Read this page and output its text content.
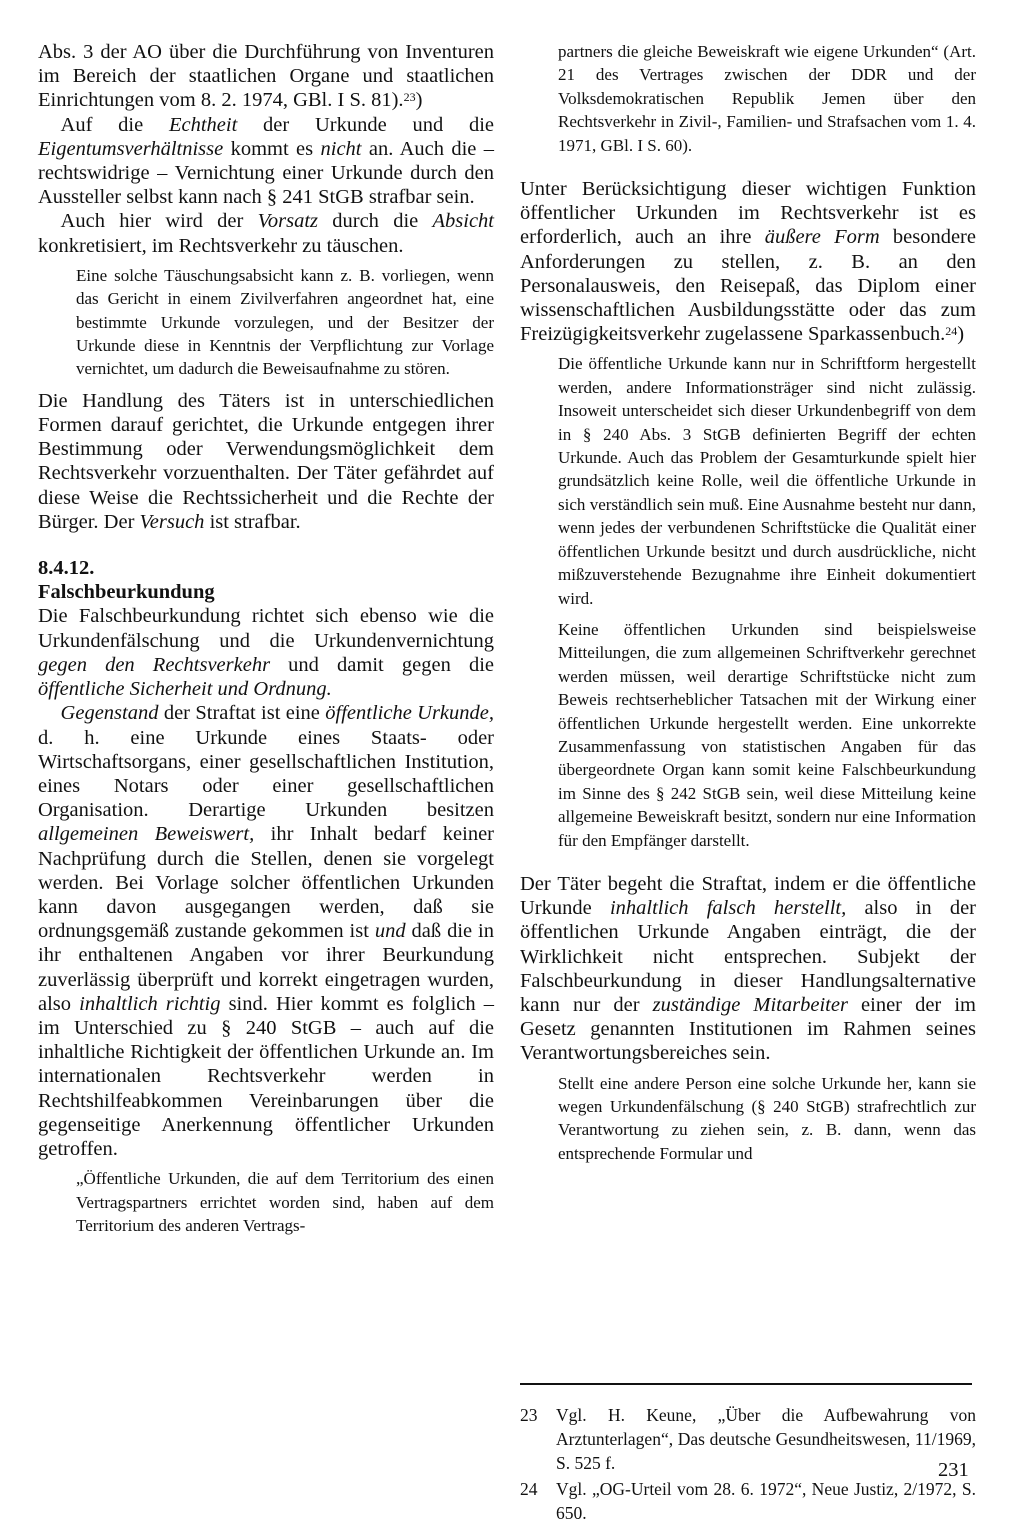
Abs. 3 der AO über die Durchführung von Inventuren im Bereich der staatlichen Organe und staatlichen Einrichtungen vom 8. 2. 1974, GBl. I S. 81).$^{23}$)

Auf die Echtheit der Urkunde und die Eigentumsverhältnisse kommt es nicht an. Auch die – rechtswidrige – Vernichtung einer Urkunde durch den Aussteller selbst kann nach § 241 StGB strafbar sein.

Auch hier wird der Vorsatz durch die Absicht konkretisiert, im Rechtsverkehr zu täuschen.

Eine solche Täuschungsabsicht kann z. B. vorliegen, wenn das Gericht in einem Zivilverfahren angeordnet hat, eine bestimmte Urkunde vorzulegen, und der Besitzer der Urkunde diese in Kenntnis der Verpflichtung zur Vorlage vernichtet, um dadurch die Beweisaufnahme zu stören.

Die Handlung des Täters ist in unterschiedlichen Formen darauf gerichtet, die Urkunde entgegen ihrer Bestimmung oder Verwendungsmöglichkeit dem Rechtsverkehr vorzuenthalten. Der Täter gefährdet auf diese Weise die Rechtssicherheit und die Rechte der Bürger. Der Versuch ist strafbar.

8.4.12.
Falschbeurkundung

Die Falschbeurkundung richtet sich ebenso wie die Urkundenfälschung und die Urkundenvernichtung gegen den Rechtsverkehr und damit gegen die öffentliche Sicherheit und Ordnung.

Gegenstand der Straftat ist eine öffentliche Urkunde, d. h. eine Urkunde eines Staats- oder Wirtschaftsorgans, einer gesellschaftlichen Institution, eines Notars oder einer gesellschaftlichen Organisation. Derartige Urkunden besitzen allgemeinen Beweiswert, ihr Inhalt bedarf keiner Nachprüfung durch die Stellen, denen sie vorgelegt werden. Bei Vorlage solcher öffentlichen Urkunden kann davon ausgegangen werden, daß sie ordnungsgemäß zustande gekommen ist und daß die in ihr enthaltenen Angaben vor ihrer Beurkundung zuverlässig überprüft und korrekt eingetragen wurden, also inhaltlich richtig sind. Hier kommt es folglich – im Unterschied zu § 240 StGB – auch auf die inhaltliche Richtigkeit der öffentlichen Urkunde an. Im internationalen Rechtsverkehr werden in Rechtshilfeabkommen Vereinbarungen über die gegenseitige Anerkennung öffentlicher Urkunden getroffen.

„Öffentliche Urkunden, die auf dem Territorium des einen Vertragspartners errichtet worden sind, haben auf dem Territorium des anderen Vertrags-

partners die gleiche Beweiskraft wie eigene Urkunden“ (Art. 21 des Vertrages zwischen der DDR und der Volksdemokratischen Republik Jemen über den Rechtsverkehr in Zivil-, Familien- und Strafsachen vom 1. 4. 1971, GBl. I S. 60).

Unter Berücksichtigung dieser wichtigen Funktion öffentlicher Urkunden im Rechtsverkehr ist es erforderlich, auch an ihre äußere Form besondere Anforderungen zu stellen, z. B. an den Personalausweis, den Reisepaß, das Diplom einer wissenschaftlichen Ausbildungsstätte oder das zum Freizügigkeitsverkehr zugelassene Sparkassenbuch.$^{24}$)

Die öffentliche Urkunde kann nur in Schriftform hergestellt werden, andere Informationsträger sind nicht zulässig. Insoweit unterscheidet sich dieser Urkundenbegriff von dem in § 240 Abs. 3 StGB definierten Begriff der echten Urkunde. Auch das Problem der Gesamturkunde spielt hier grundsätzlich keine Rolle, weil die öffentliche Urkunde in sich verständlich sein muß. Eine Ausnahme besteht nur dann, wenn jedes der verbundenen Schriftstücke die Qualität einer öffentlichen Urkunde besitzt und durch ausdrückliche, nicht mißzuverstehende Bezugnahme ihre Einheit dokumentiert wird.

Keine öffentlichen Urkunden sind beispielsweise Mitteilungen, die zum allgemeinen Schriftverkehr gerechnet werden müssen, weil derartige Schriftstücke nicht zum Beweis rechtserheblicher Tatsachen mit der Wirkung einer öffentlichen Urkunde hergestellt werden. Eine unkorrekte Zusammenfassung von statistischen Angaben für das übergeordnete Organ kann somit keine Falschbeurkundung im Sinne des § 242 StGB sein, weil diese Mitteilung keine allgemeine Beweiskraft besitzt, sondern nur eine Information für den Empfänger darstellt.

Der Täter begeht die Straftat, indem er die öffentliche Urkunde inhaltlich falsch herstellt, also in der öffentlichen Urkunde Angaben einträgt, die der Wirklichkeit nicht entsprechen. Subjekt der Falschbeurkundung in dieser Handlungsalternative kann nur der zuständige Mitarbeiter einer der im Gesetz genannten Institutionen im Rahmen seines Verantwortungsbereiches sein.

Stellt eine andere Person eine solche Urkunde her, kann sie wegen Urkundenfälschung (§ 240 StGB) strafrechtlich zur Verantwortung zu ziehen sein, z. B. dann, wenn das entsprechende Formular und

23	Vgl. H. Keune, „Über die Aufbewahrung von Arztunterlagen“, Das deutsche Gesundheitswesen, 11/1969, S. 525 f.
24	Vgl. „OG-Urteil vom 28. 6. 1972“, Neue Justiz, 2/1972, S. 650.
231
